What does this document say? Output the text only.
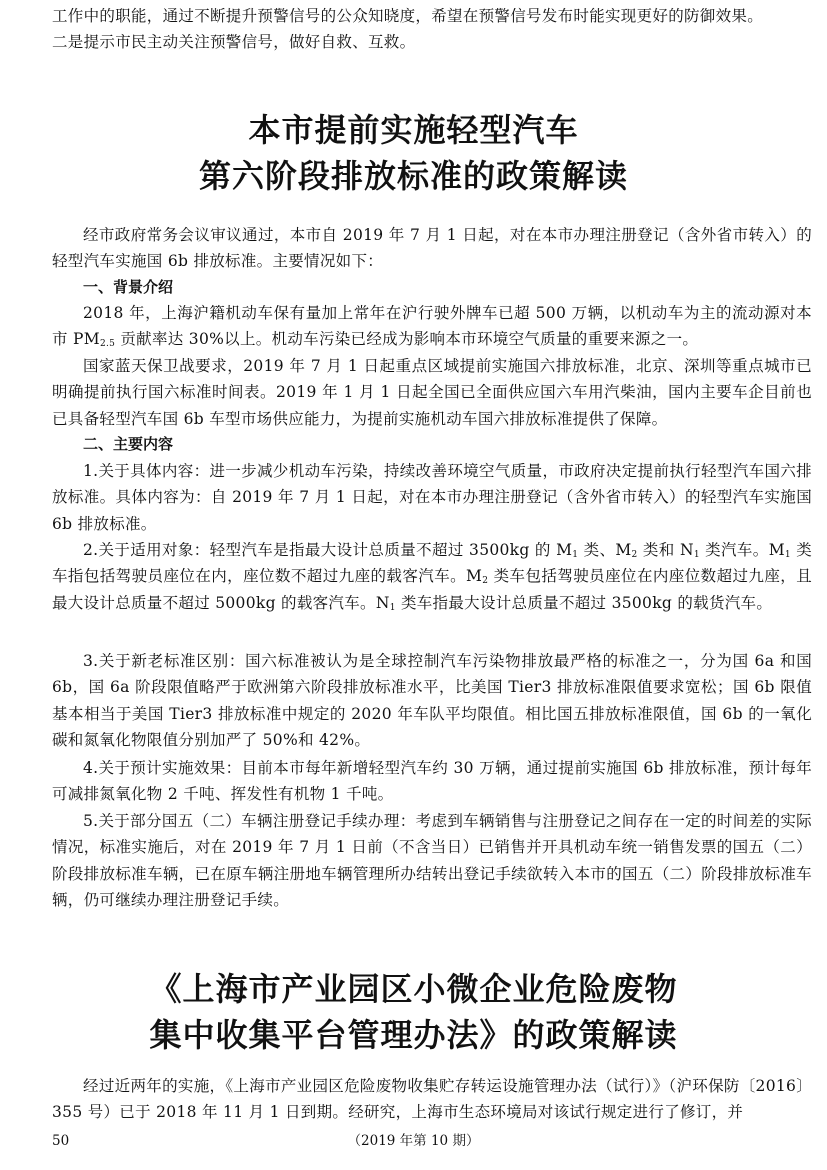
工作中的职能，通过不断提升预警信号的公众知晓度，希望在预警信号发布时能实现更好的防御效果。
二是提示市民主动关注预警信号，做好自救、互救。

本市提前实施轻型汽车
第六阶段排放标准的政策解读

经市政府常务会议审议通过，本市自 2019 年 7 月 1 日起，对在本市办理注册登记（含外省市转入）的轻型汽车实施国 6b 排放标准。主要情况如下：

一、背景介绍

2018 年，上海沪籍机动车保有量加上常年在沪行驶外牌车已超 500 万辆，以机动车为主的流动源对本市 $PM_{2.5}$ 贡献率达 30%以上。机动车污染已经成为影响本市环境空气质量的重要来源之一。

国家蓝天保卫战要求，2019 年 7 月 1 日起重点区域提前实施国六排放标准，北京、深圳等重点城市已明确提前执行国六标准时间表。2019 年 1 月 1 日起全国已全面供应国六车用汽柴油，国内主要车企目前也已具备轻型汽车国 6b 车型市场供应能力，为提前实施机动车国六排放标准提供了保障。

二、主要内容

1.关于具体内容：进一步减少机动车污染，持续改善环境空气质量，市政府决定提前执行轻型汽车国六排放标准。具体内容为：自 2019 年 7 月 1 日起，对在本市办理注册登记（含外省市转入）的轻型汽车实施国 6b 排放标准。

2.关于适用对象：轻型汽车是指最大设计总质量不超过 3500kg 的 $M_1$ 类、$M_2$ 类和 $N_1$ 类汽车。$M_1$ 类车指包括驾驶员座位在内，座位数不超过九座的载客汽车。$M_2$ 类车包括驾驶员座位在内座位数超过九座，且最大设计总质量不超过 5000kg 的载客汽车。$N_1$ 类车指最大设计总质量不超过 3500kg 的载货汽车。

3.关于新老标准区别：国六标准被认为是全球控制汽车污染物排放最严格的标准之一，分为国 6a 和国 6b，国 6a 阶段限值略严于欧洲第六阶段排放标准水平，比美国 Tier3 排放标准限值要求宽松；国 6b 限值基本相当于美国 Tier3 排放标准中规定的 2020 年车队平均限值。相比国五排放标准限值，国 6b 的一氧化碳和氮氧化物限值分别加严了 50%和 42%。

4.关于预计实施效果：目前本市每年新增轻型汽车约 30 万辆，通过提前实施国 6b 排放标准，预计每年可减排氮氧化物 2 千吨、挥发性有机物 1 千吨。

5.关于部分国五（二）车辆注册登记手续办理：考虑到车辆销售与注册登记之间存在一定的时间差的实际情况，标准实施后，对在 2019 年 7 月 1 日前（不含当日）已销售并开具机动车统一销售发票的国五（二）阶段排放标准车辆，已在原车辆注册地车辆管理所办结转出登记手续欲转入本市的国五（二）阶段排放标准车辆，仍可继续办理注册登记手续。

《上海市产业园区小微企业危险废物
集中收集平台管理办法》的政策解读

经过近两年的实施，《上海市产业园区危险废物收集贮存转运设施管理办法（试行）》（沪环保防〔2016〕355 号）已于 2018 年 11 月 1 日到期。经研究，上海市生态环境局对该试行规定进行了修订，并

50	（2019 年第 10 期）
